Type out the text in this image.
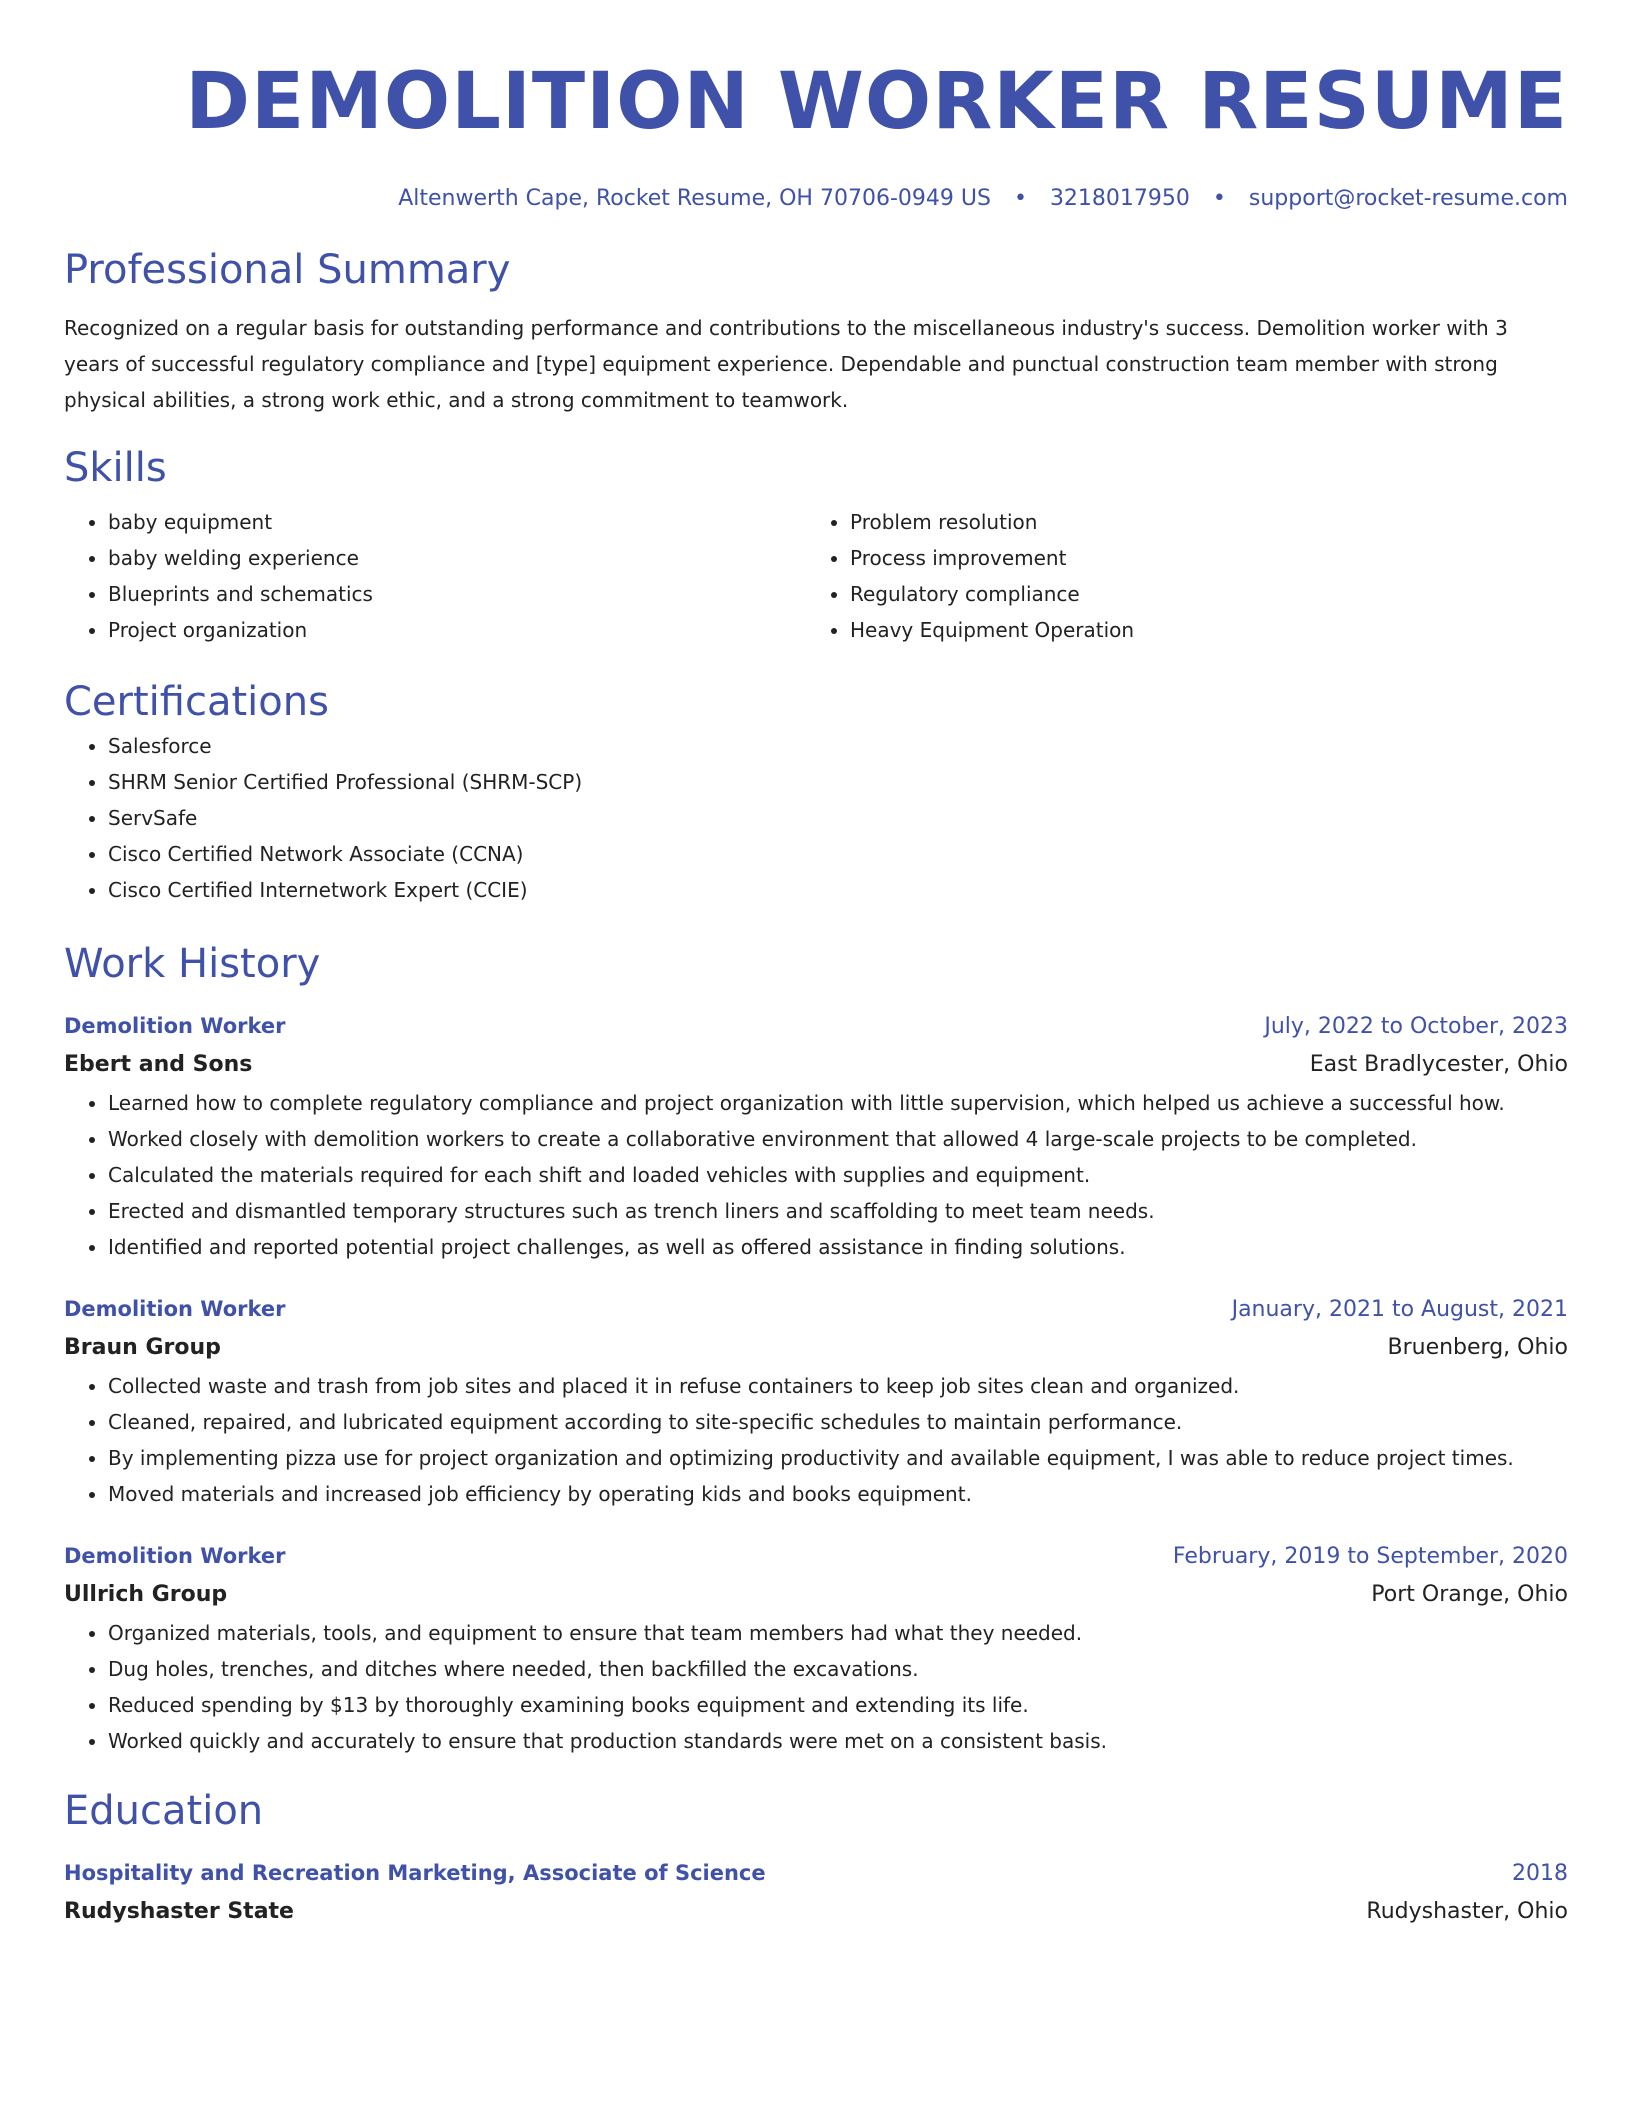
DEMOLITION WORKER RESUME
Altenwerth Cape, Rocket Resume, OH 70706-0949 US • 3218017950 • support@rocket-resume.com
Professional Summary

Recognized on a regular basis for outstanding performance and contributions to the miscellaneous industry's success. Demolition worker with 3 years of successful regulatory compliance and [type] equipment experience. Dependable and punctual construction team member with strong physical abilities, a strong work ethic, and a strong commitment to teamwork.

Skills
• baby equipment
• baby welding experience
• Blueprints and schematics
• Project organization
• Problem resolution
• Process improvement
• Regulatory compliance
• Heavy Equipment Operation
Certifications
• Salesforce
• SHRM Senior Certified Professional (SHRM-SCP)
• ServSafe
• Cisco Certified Network Associate (CCNA)
• Cisco Certified Internetwork Expert (CCIE)
Work History
Demolition Worker	July, 2022 to October, 2023
Ebert and Sons	East Bradlycester, Ohio
• Learned how to complete regulatory compliance and project organization with little supervision, which helped us achieve a successful how.
• Worked closely with demolition workers to create a collaborative environment that allowed 4 large-scale projects to be completed.
• Calculated the materials required for each shift and loaded vehicles with supplies and equipment.
• Erected and dismantled temporary structures such as trench liners and scaffolding to meet team needs.
• Identified and reported potential project challenges, as well as offered assistance in finding solutions.
Demolition Worker	January, 2021 to August, 2021
Braun Group	Bruenberg, Ohio
• Collected waste and trash from job sites and placed it in refuse containers to keep job sites clean and organized.
• Cleaned, repaired, and lubricated equipment according to site-specific schedules to maintain performance.
• By implementing pizza use for project organization and optimizing productivity and available equipment, I was able to reduce project times.
• Moved materials and increased job efficiency by operating kids and books equipment.
Demolition Worker	February, 2019 to September, 2020
Ullrich Group	Port Orange, Ohio
• Organized materials, tools, and equipment to ensure that team members had what they needed.
• Dug holes, trenches, and ditches where needed, then backfilled the excavations.
• Reduced spending by $13 by thoroughly examining books equipment and extending its life.
• Worked quickly and accurately to ensure that production standards were met on a consistent basis.
Education
Hospitality and Recreation Marketing, Associate of Science	2018
Rudyshaster State	Rudyshaster, Ohio
